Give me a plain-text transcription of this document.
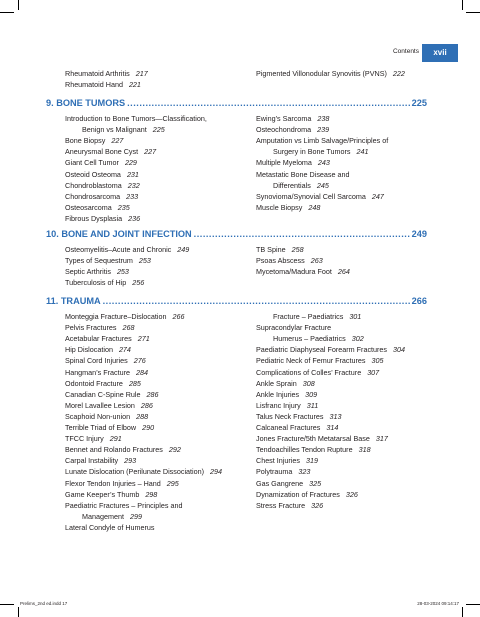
Contents	xvii
Rheumatoid Arthritis 217
Rheumatoid Hand 221
Pigmented Villonodular Synovitis (PVNS) 222
9. BONE TUMORS .....	225
Introduction to Bone Tumors—Classification,
Benign vs Malignant 225
Bone Biopsy 227
Aneurysmal Bone Cyst 227
Giant Cell Tumor 229
Osteoid Osteoma 231
Chondroblastoma 232
Chondrosarcoma 233
Osteosarcoma 235
Fibrous Dysplasia 236
Ewing’s Sarcoma 238
Osteochondroma 239
Amputation vs Limb Salvage/Principles of
Surgery in Bone Tumors 241
Multiple Myeloma 243
Metastatic Bone Disease and
Differentials 245
Synovioma/Synovial Cell Sarcoma 247
Muscle Biopsy 248
10. BONE AND JOINT INFECTION .....	249
Osteomyelitis–Acute and Chronic 249
Types of Sequestrum 253
Septic Arthritis 253
Tuberculosis of Hip 256
TB Spine 258
Psoas Abscess 263
Mycetoma/Madura Foot 264
11. TRAUMA .....	266
Monteggia Fracture–Dislocation 266
Pelvis Fractures 268
Acetabular Fractures 271
Hip Dislocation 274
Spinal Cord Injuries 276
Hangman’s Fracture 284
Odontoid Fracture 285
Canadian C-Spine Rule 286
Morel Lavallee Lesion 286
Scaphoid Non-union 288
Terrible Triad of Elbow 290
TFCC Injury 291
Bennet and Rolando Fractures 292
Carpal Instability 293
Lunate Dislocation (Perilunate Dissociation) 294
Flexor Tendon Injuries – Hand 295
Game Keeper’s Thumb 298
Paediatric Fractures – Principles and
Management 299
Lateral Condyle of Humerus
Fracture – Paediatrics 301
Supracondylar Fracture
Humerus – Paediatrics 302
Paediatric Diaphyseal Forearm Fractures 304
Pediatric Neck of Femur Fractures 305
Complications of Colles’ Fracture 307
Ankle Sprain 308
Ankle Injuries 309
Lisfranc Injury 311
Talus Neck Fractures 313
Calcaneal Fractures 314
Jones Fracture/5th Metatarsal Base 317
Tendoachilles Tendon Rupture 318
Chest Injuries 319
Polytrauma 323
Gas Gangrene 325
Dynamization of Fractures 326
Stress Fracture 326
Prelims_2nd ed.indd 17	28-03-2024 09:14:17
